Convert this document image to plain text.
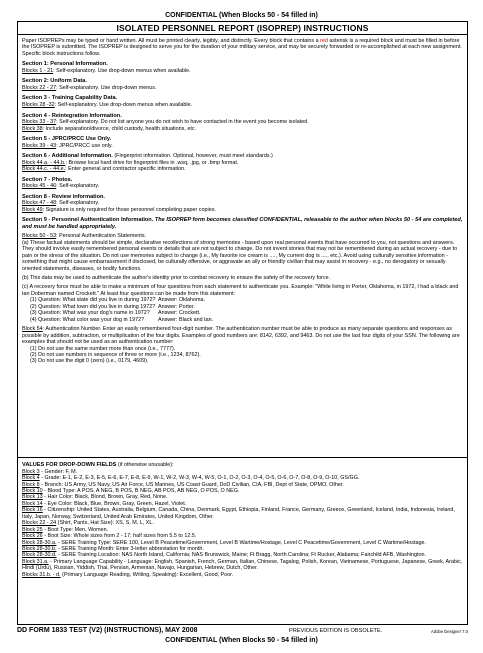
CONFIDENTIAL (When Blocks 50 - 54 filled in)
ISOLATED PERSONNEL REPORT (ISOPREP) INSTRUCTIONS

Paper ISOPREPs may be typed or hand written. All must be printed clearly, legibly, and distinctly. Every block that contains a red asterisk is a required block and must be filled in before the ISOPREP is submitted. The ISOPREP is designed to serve you for the duration of your military service, and may be securely forwarded or re-accomplished at each new assignment. Specific block instructions follow.

Section 1: Personal Information.
Blocks 1 - 21: Self-explanatory. Use drop-down menus when available.
Section 2: Uniform Data.
Blocks 22 - 27: Self-explanatory. Use drop-down menus.
Section 3 - Training Capability Data.
Blocks 28 -32: Self-explanatory. Use drop-down menus when available.
Section 4 - Reintegration Information.
Blocks 33 - 37: Self-explanatory. Do not list anyone you do not wish to have contacted in the event you become isolated.
Block 38: Include separation/divorce, child custody, health situations, etc.
Section 5 - JPRC/PRCC Use Only.
Blocks 39 - 43: JPRC/PRCC use only.
Section 6 - Additional Information. (Fingerprint information. Optional, however, must meet standards.)
Block 44.a. - 44.b.: Browse local hard drive for fingerprint files in .wsq, .jpg, or .bmp format.
Block 44.c. - 44.e.: Enter general and contractor specific information.
Section 7 - Photos.
Blocks 45 - 46: Self-explanatory.
Section 8 - Review information.
Blocks 47 - 48: Self-explanatory.
Block 49: Signature is only required for those personnel completing paper copies.

Section 9 - Personnel Authentication Information. The ISOPREP form becomes classified CONFIDENTIAL, releasable to the author when blocks 50 - 54 are completed, and must be handled appropriately.

Blocks 50 - 53: Personal Authentication Statements.

(a) These factual statements should be simple, declarative recollections of strong memories - based upon real personal events that have occurred to you, not questions and answers. They should involve easily remembered personal events or details that are not subject to change. Do not invent stories that may not be remembered during an actual recovery - due to pain or the stress of the situation. Do not use memories subject to change (i.e., My favorite ice cream is ...., My current dog is ...., etc.). Avoid using culturally sensitive information - something that might cause embarrassment if disclosed, be culturally offensive, or aggravate an ally or friendly civilian that may assist in recovery - e.g., no derogatory or sexually oriented statements, diseases, or bodily functions.

(b) This data may be used to authenticate the author's identity prior to combat recovery to ensure the safety of the recovery force.

(c) A recovery force must be able to make a minimum of four questions from each statement to authenticate you. Example: "While living in Porter, Oklahoma, in 1972, I had a black and tan Doberman named Crockett." At least four questions can be made from this statement:

(1) Question: What state did you live in during 1972? Answer: Oklahoma.
(2) Question: What town did you live in during 1972? Answer: Porter.
(3) Question: What was your dog's name in 1972?	Answer: Crockett.
(4) Question: What color was your dog in 1972?	Answer: Black and tan.

Block 54: Authentication Number. Enter an easily remembered four-digit number. The authentication number must be able to produce as many separate questions and responses as possible by addition, subtraction, or multiplication of the four digits. Examples of good numbers are: 8142, 6392, and 9463. Do not use the last four digits of your SSN. The following are examples that should not be used as an authentication number:

(1) Do not use the same number more than once (i.e., 7777).
(2) Do not use numbers in sequence of three or more (i.e., 1234, 8762).
(3) Do not use the digit 0 (zero) (i.e., 0179, 4609).
VALUES FOR DROP-DOWN FIELDS (if otherwise unusable):
Block 3 - Gender: F, M.
Block 4 - Grade: E-1, E-2, E-3, E-5, E-6, E-7, E-8, E-9, W-1, W-2, W-3, W-4, W-5, O-1, O-2, O-3, O-4, O-5, O-6, O-7, O-8, O-9, O-10, GS/GG.
Block 8 - Branch: US Army, US Navy, US Air Force, US Marines, US Coast Guard, DoD Civilian, CIA, FBI, Dept of State, DPMO, Other.
Block 10 - Blood Type: A POS, A NEG, B POS, B NEG, AB POS, AB NEG, O POS, O NEG.
Block 13 - Hair Color: Black, Blond, Brown, Gray, Red, None.
Block 14 - Eye Color: Black, Blue, Brown, Gray, Green, Hazel, Violet.
Block 16 - Citizenship: United States, Australia, Belgium, Canada, China, Denmark, Egypt, Ethiopia, Finland, France, Germany, Greece, Greenland, Iceland, India, Indonesia, Ireland, Italy, Japan, Norway, Switzerland, United Arab Emirates, United Kingdom, Other.
Blocks 22 - 24 (Shirt, Pants, Hat Size): XS, S, M, L, XL.
Block 25 - Boot Type: Men, Women.
Block 26 - Boot Size: Whole sizes from 2 - 17; half sizes from 5.5 to 12.5.
Block 28-30.a. - SERE Training Type: SERE 100, Level B Peacetime/Government, Level B Wartime/Hostage, Level C Peacetime/Government, Level C Wartime/Hostage.
Block 28-30.b. - SERE Training Month: Enter 3-letter abbreviation for month.
Block 28-30.d. - SERE Training Location: NAS North Island, California; NAS Brunswick, Maine; Ft Bragg, North Carolina; Ft Rucker, Alabama; Fairchild AFB, Washington.
Block 31.a. - Primary Language Capability - Language: English, Spanish, French, German, Italian, Chinese, Tagalog, Polish, Korean, Vietnamese, Portuguese, Japanese, Greek, Arabic, Hindi (Urdu), Russian, Yiddish, Thai, Persian, Armenian, Navajo, Hungarian, Hebrew, Dutch, Other.
Blocks 31.b. - d. (Primary Language Reading, Writing, Speaking): Excellent, Good, Poor.
DD FORM 1833 TEST (V2) (INSTRUCTIONS), MAY 2008	PREVIOUS EDITION IS OBSOLETE.	Adobe Designer 7.0
CONFIDENTIAL (When Blocks 50 - 54 filled in)
